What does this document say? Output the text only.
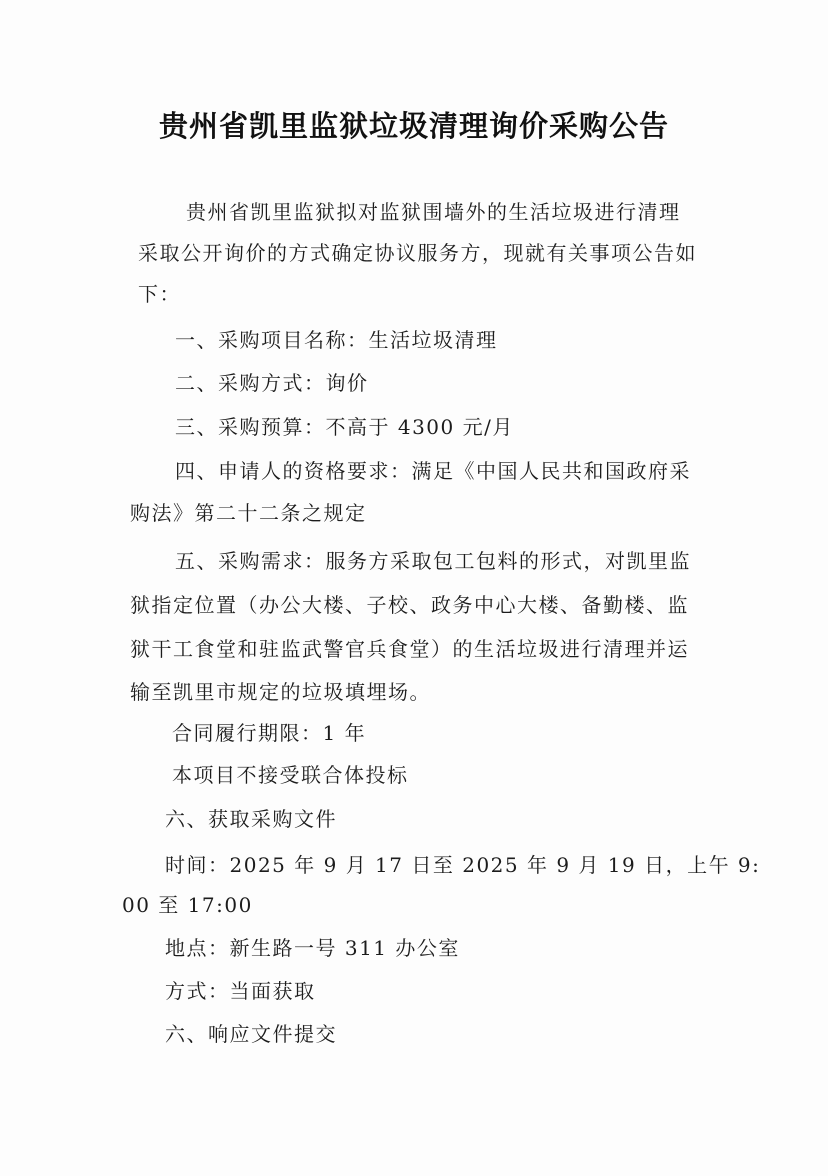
贵州省凯里监狱垃圾清理询价采购公告
贵州省凯里监狱拟对监狱围墙外的生活垃圾进行清理
采取公开询价的方式确定协议服务方，现就有关事项公告如
下：
一、采购项目名称：生活垃圾清理
二、采购方式：询价
三、采购预算：不高于 4300 元/月
四、申请人的资格要求：满足《中国人民共和国政府采
购法》第二十二条之规定
五、采购需求：服务方采取包工包料的形式，对凯里监
狱指定位置（办公大楼、子校、政务中心大楼、备勤楼、监
狱干工食堂和驻监武警官兵食堂）的生活垃圾进行清理并运
输至凯里市规定的垃圾填埋场。
合同履行期限：1 年
本项目不接受联合体投标
六、获取采购文件
时间：2025 年 9 月 17 日至 2025 年 9 月 19 日，上午 9:
00 至 17:00
地点：新生路一号 311 办公室
方式：当面获取
六、响应文件提交
